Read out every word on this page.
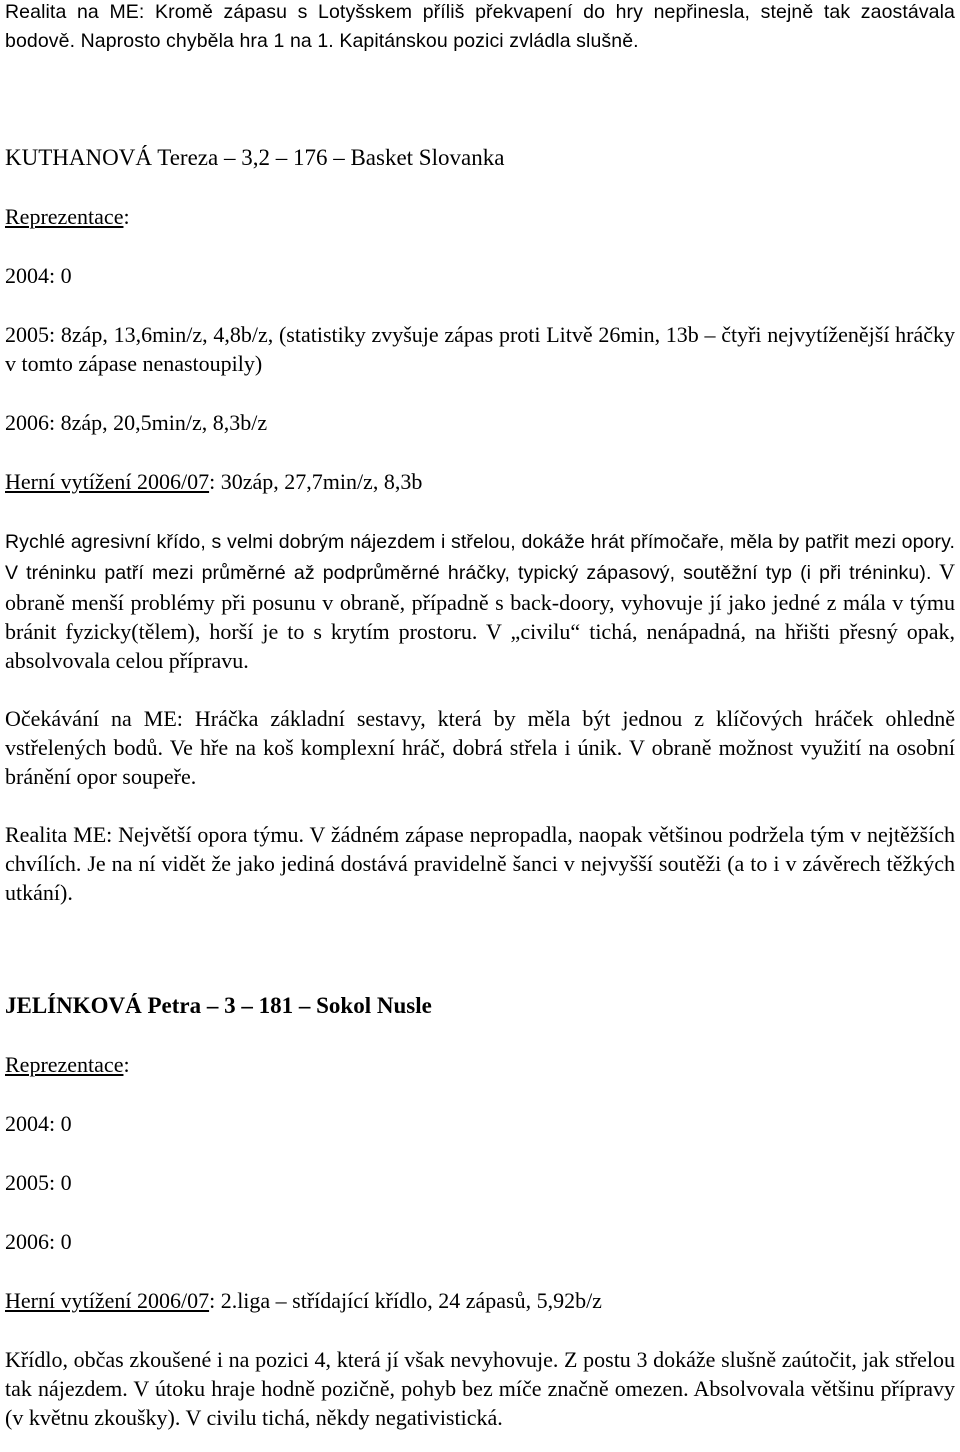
Realita na ME: Kromě zápasu s Lotyšskem příliš překvapení do hry nepřinesla, stejně tak zaostávala bodově. Naprosto chyběla hra 1 na 1. Kapitánskou pozici zvládla slušně.

KUTHANOVÁ Tereza – 3,2 – 176 – Basket Slovanka

Reprezentace:

2004: 0

2005: 8záp, 13,6min/z, 4,8b/z, (statistiky zvyšuje zápas proti Litvě 26min, 13b – čtyři nejvytíženější hráčky v tomto zápase nenastoupily)

2006: 8záp, 20,5min/z, 8,3b/z

Herní vytížení 2006/07: 30záp, 27,7min/z, 8,3b

Rychlé agresivní křído, s velmi dobrým nájezdem i střelou, dokáže hrát přímočaře, měla by patřit mezi opory. V tréninku patří mezi průměrné až podprůměrné hráčky, typický zápasový, soutěžní typ (i při tréninku). V obraně menší problémy při posunu v obraně, případně s back-doory, vyhovuje jí jako jedné z mála v týmu bránit fyzicky(tělem), horší je to s krytím prostoru. V „civilu“ tichá, nenápadná, na hřišti přesný opak, absolvovala celou přípravu.

Očekávání na ME: Hráčka základní sestavy, která by měla být jednou z klíčových hráček ohledně vstřelených bodů. Ve hře na koš komplexní hráč, dobrá střela i únik. V obraně možnost využití na osobní bránění opor soupeře.

Realita ME: Největší opora týmu. V žádném zápase nepropadla, naopak většinou podržela tým v nejtěžších chvílích. Je na ní vidět že jako jediná dostává pravidelně šanci v nejvyšší soutěži (a to i v závěrech těžkých utkání).

JELÍNKOVÁ Petra – 3 – 181 – Sokol Nusle

Reprezentace:

2004: 0

2005: 0

2006: 0

Herní vytížení 2006/07: 2.liga – střídající křídlo, 24 zápasů, 5,92b/z

Křídlo, občas zkoušené i na pozici 4, která jí však nevyhovuje. Z postu 3 dokáže slušně zaútočit, jak střelou tak nájezdem. V útoku hraje hodně pozičně, pohyb bez míče značně omezen. Absolvovala většinu přípravy (v květnu zkoušky). V civilu tichá, někdy negativistická.
